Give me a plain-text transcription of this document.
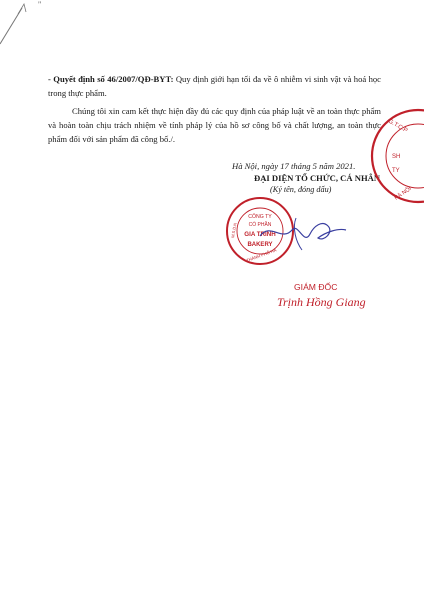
"
- Quyết định số 46/2007/QĐ-BYT: Quy định giới hạn tối đa về ô nhiễm vi sinh vật và hoá học trong thực phẩm.
Chúng tôi xin cam kết thực hiện đầy đủ các quy định của pháp luật về an toàn thực phẩm và hoàn toàn chịu trách nhiệm về tính pháp lý của hồ sơ công bố và chất lượng, an toàn thực phẩm đối với sản phẩm đã công bố./.
Hà Nội, ngày 17 tháng 5 năm 2021.
ĐẠI DIỆN TỔ CHỨC, CÁ NHÂN
(Ký tên, đóng dấu)
G.T.C.P
SH
TY
HÀ NỘI
CÔNG TY
CỔ PHẦN
GIA TRINH
BAKERY
M.S.D.N
THÀNH PHỐ HÀ
GIÁM ĐỐC
Trịnh Hồng Giang
